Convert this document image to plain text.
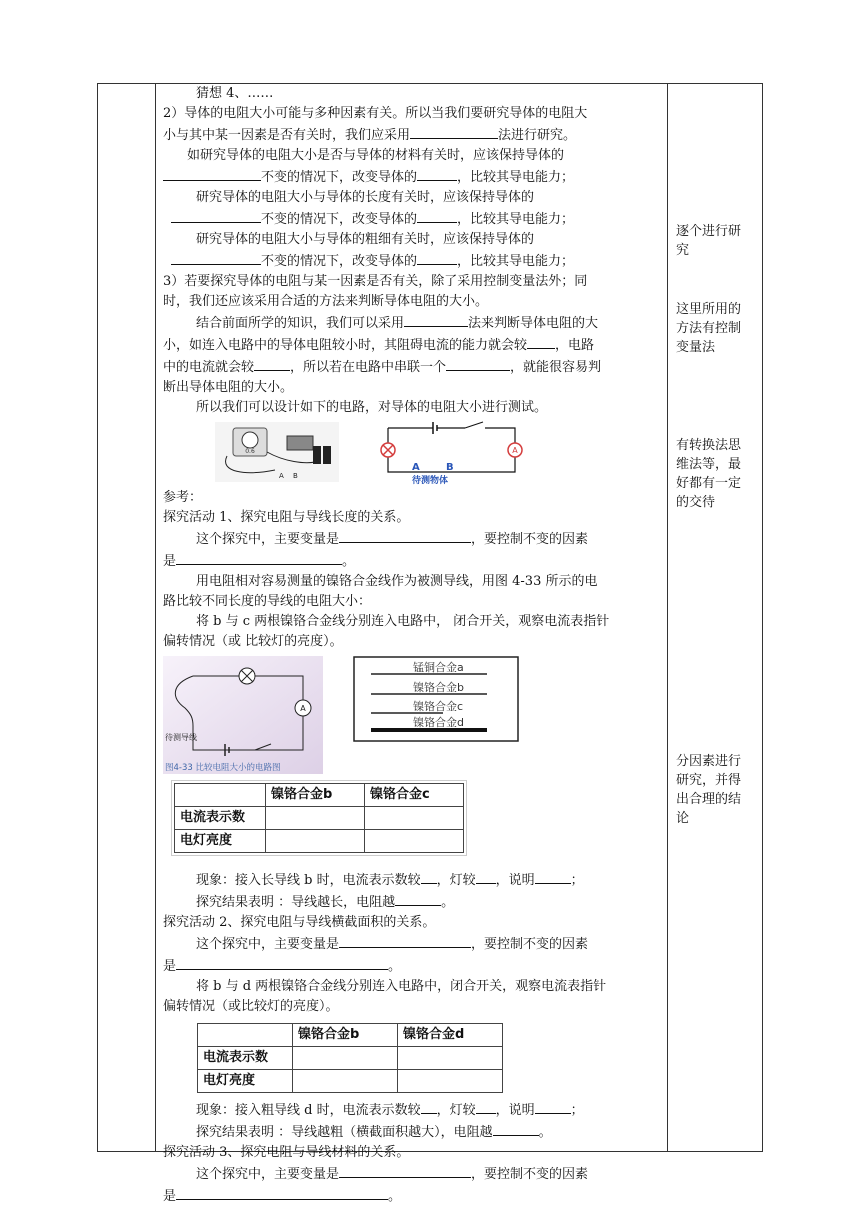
猜想 4、……

2）导体的电阻大小可能与多种因素有关。所以当我们要研究导体的电阻大

小与其中某一因素是否有关时，我们应采用	法进行研究。

如研究导体的电阻大小是否与导体的材料有关时，应该保持导体的

不变的情况下，改变导体的	，比较其导电能力；

研究导体的电阻大小与导体的长度有关时，应该保持导体的

不变的情况下，改变导体的	，比较其导电能力；

研究导体的电阻大小与导体的粗细有关时，应该保持导体的

不变的情况下，改变导体的	，比较其导电能力；

3）若要探究导体的电阻与某一因素是否有关，除了采用控制变量法外；同

时，我们还应该采用合适的方法来判断导体电阻的大小。

结合前面所学的知识，我们可以采用	法来判断导体电阻的大

小，如连入电路中的导体电阻较小时，其阻碍电流的能力就会较 ，电路

中的电流就会较	，所以若在电路中串联一个	，就能很容易判

断出导体电阻的大小。

所以我们可以设计如下的电路，对导体的电阻大小进行测试。

0.6
A B
A
A	B
待测物体

参考：

探究活动 1、探究电阻与导线长度的关系。

这个探究中，主要变量是	，要控制不变的因素

是	。

用电阻相对容易测量的镍铬合金线作为被测导线，用图 4-33 所示的电

路比较不同长度的导线的电阻大小：

将 b 与 c 两根镍铬合金线分别连入电路中， 闭合开关，观察电流表指针

偏转情况（或 比较灯的亮度）。

A
待测导线
图4-33 比较电阻大小的电路图
锰铜合金a
镍铬合金b
镍铬合金c
镍铬合金d
	镍铬合金b	镍铬合金c
电流表示数		
电灯亮度		

现象：接入长导线 b 时，电流表示数较 ，灯较 ，说明	；

探究结果表明 ：导线越长，电阻越	。

探究活动 2、探究电阻与导线横截面积的关系。

这个探究中，主要变量是	，要控制不变的因素

是	。

将 b 与 d 两根镍铬合金线分别连入电路中，闭合开关，观察电流表指针

偏转情况（或比较灯的亮度）。

	镍铬合金b	镍铬合金d
电流表示数		
电灯亮度		

现象：接入粗导线 d 时，电流表示数较 ，灯较 ，说明	；

探究结果表明 ：导线越粗（横截面积越大），电阻越	。

探究活动 3、探究电阻与导线材料的关系。

这个探究中，主要变量是	，要控制不变的因素

是	。

逐个进行研
究
这里所用的
方法有控制
变量法
有转换法思
维法等，最
好都有一定
的交待
分因素进行
研究，并得
出合理的结
论
